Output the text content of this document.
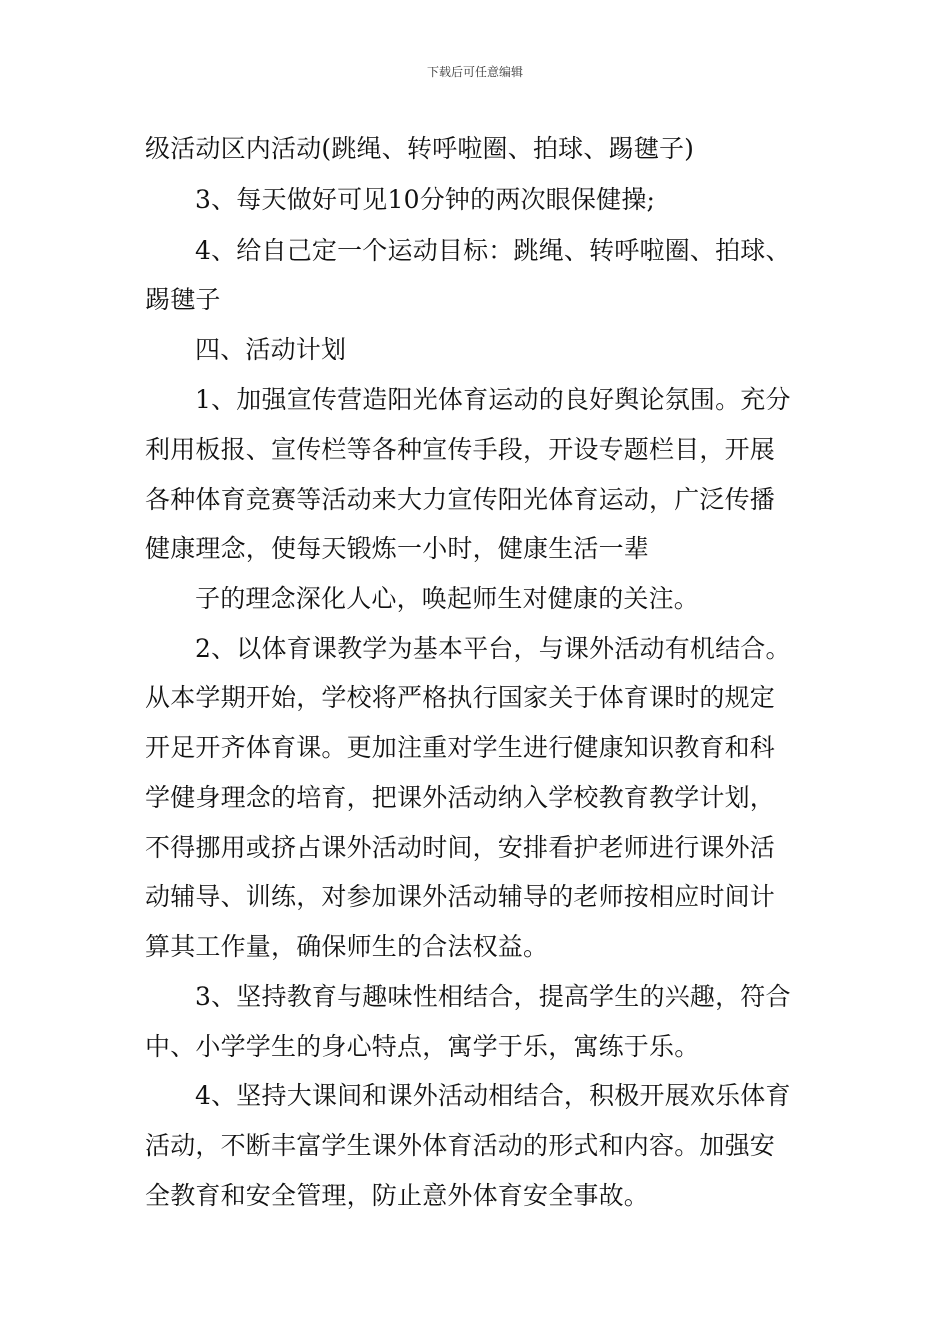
下载后可任意编辑
级活动区内活动(跳绳、转呼啦圈、拍球、踢毽子)
3、每天做好可见10分钟的两次眼保健操;
4、给自己定一个运动目标：跳绳、转呼啦圈、拍球、
踢毽子
四、活动计划
1、加强宣传营造阳光体育运动的良好舆论氛围。充分
利用板报、宣传栏等各种宣传手段，开设专题栏目，开展
各种体育竞赛等活动来大力宣传阳光体育运动，广泛传播
健康理念，使每天锻炼一小时，健康生活一辈
子的理念深化人心，唤起师生对健康的关注。
2、以体育课教学为基本平台，与课外活动有机结合。
从本学期开始，学校将严格执行国家关于体育课时的规定
开足开齐体育课。更加注重对学生进行健康知识教育和科
学健身理念的培育，把课外活动纳入学校教育教学计划，
不得挪用或挤占课外活动时间，安排看护老师进行课外活
动辅导、训练，对参加课外活动辅导的老师按相应时间计
算其工作量，确保师生的合法权益。
3、坚持教育与趣味性相结合，提高学生的兴趣，符合
中、小学学生的身心特点，寓学于乐，寓练于乐。
4、坚持大课间和课外活动相结合，积极开展欢乐体育
活动，不断丰富学生课外体育活动的形式和内容。加强安
全教育和安全管理，防止意外体育安全事故。
